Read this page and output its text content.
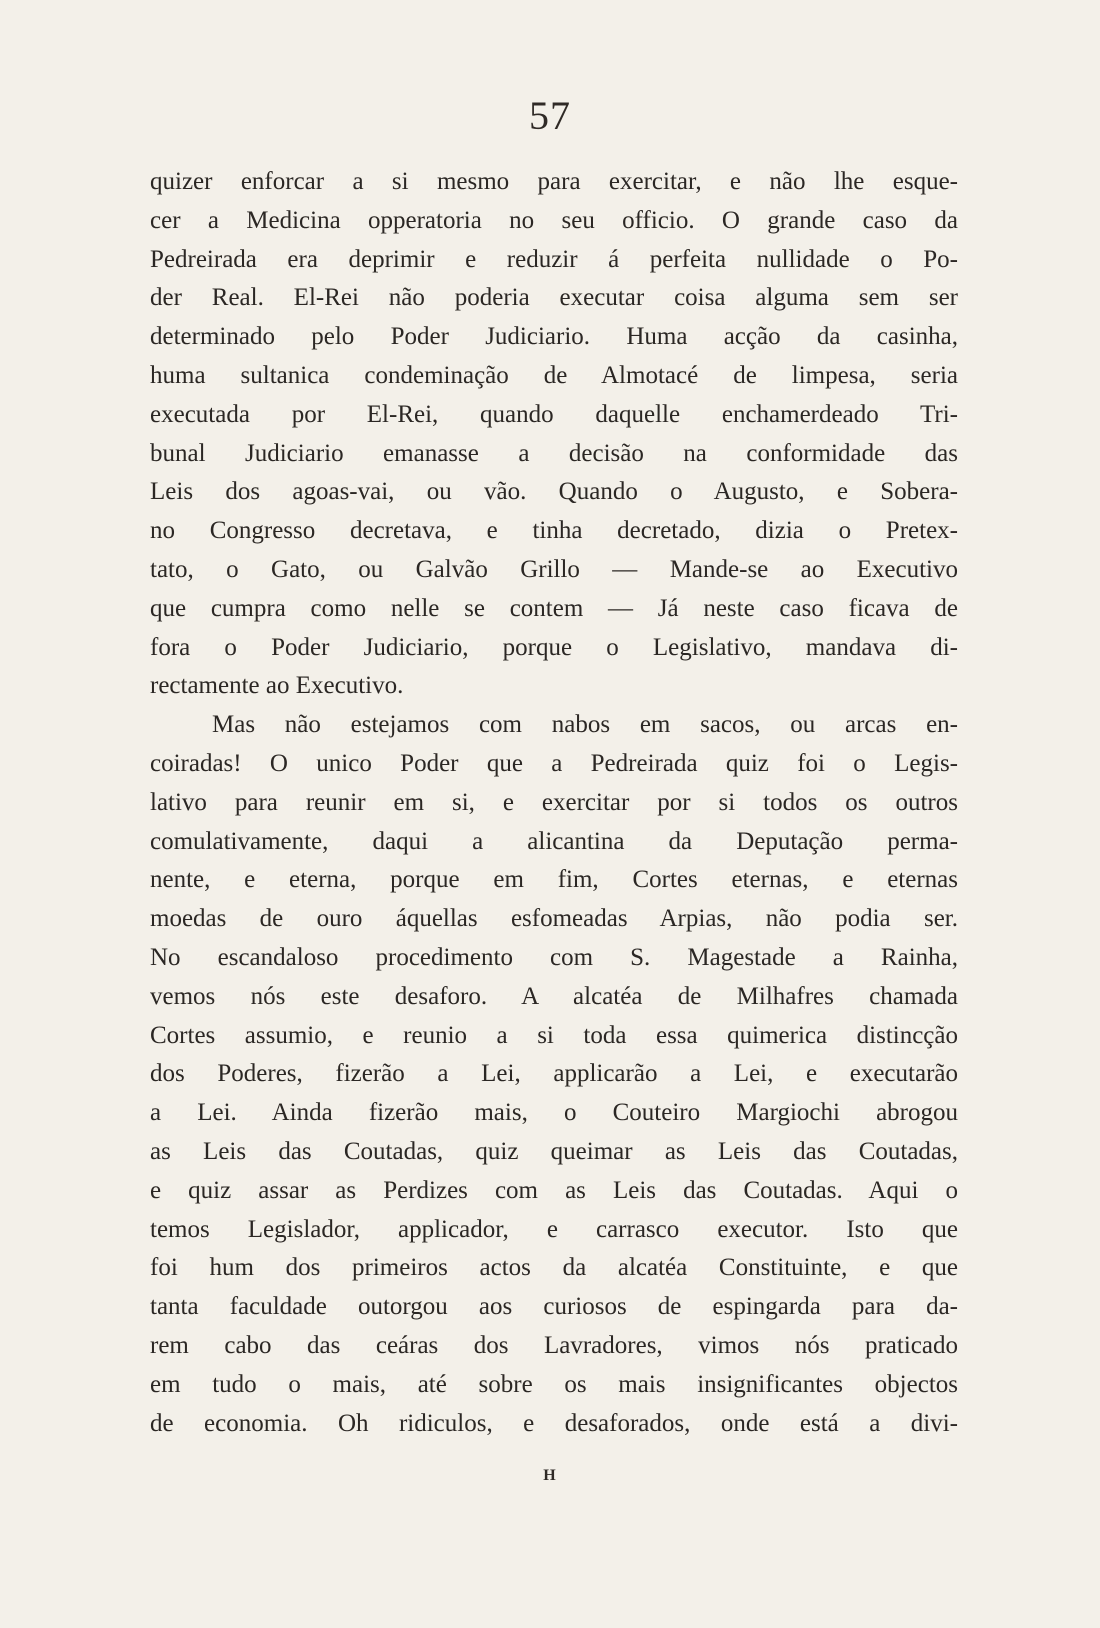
57
quizer enforcar a si mesmo para exercitar, e não lhe esque-
cer a Medicina opperatoria no seu officio. O grande caso da
Pedreirada era deprimir e reduzir á perfeita nullidade o Po-
der Real. El-Rei não poderia executar coisa alguma sem ser
determinado pelo Poder Judiciario. Huma acção da casinha,
huma sultanica condeminação de Almotacé de limpesa, seria
executada por El-Rei, quando daquelle enchamerdeado Tri-
bunal Judiciario emanasse a decisão na conformidade das
Leis dos agoas-vai, ou vão. Quando o Augusto, e Sobera-
no Congresso decretava, e tinha decretado, dizia o Pretex-
tato, o Gato, ou Galvão Grillo — Mande-se ao Executivo
que cumpra como nelle se contem — Já neste caso ficava de
fora o Poder Judiciario, porque o Legislativo, mandava di-
rectamente ao Executivo.
Mas não estejamos com nabos em sacos, ou arcas en-
coiradas! O unico Poder que a Pedreirada quiz foi o Legis-
lativo para reunir em si, e exercitar por si todos os outros
comulativamente, daqui a alicantina da Deputação perma-
nente, e eterna, porque em fim, Cortes eternas, e eternas
moedas de ouro áquellas esfomeadas Arpias, não podia ser.
No escandaloso procedimento com S. Magestade a Rainha,
vemos nós este desaforo. A alcatéa de Milhafres chamada
Cortes assumio, e reunio a si toda essa quimerica distincção
dos Poderes, fizerão a Lei, applicarão a Lei, e executarão
a Lei. Ainda fizerão mais, o Couteiro Margiochi abrogou
as Leis das Coutadas, quiz queimar as Leis das Coutadas,
e quiz assar as Perdizes com as Leis das Coutadas. Aqui o
temos Legislador, applicador, e carrasco executor. Isto que
foi hum dos primeiros actos da alcatéa Constituinte, e que
tanta faculdade outorgou aos curiosos de espingarda para da-
rem cabo das ceáras dos Lavradores, vimos nós praticado
em tudo o mais, até sobre os mais insignificantes objectos
de economia. Oh ridiculos, e desaforados, onde está a divi-
H
